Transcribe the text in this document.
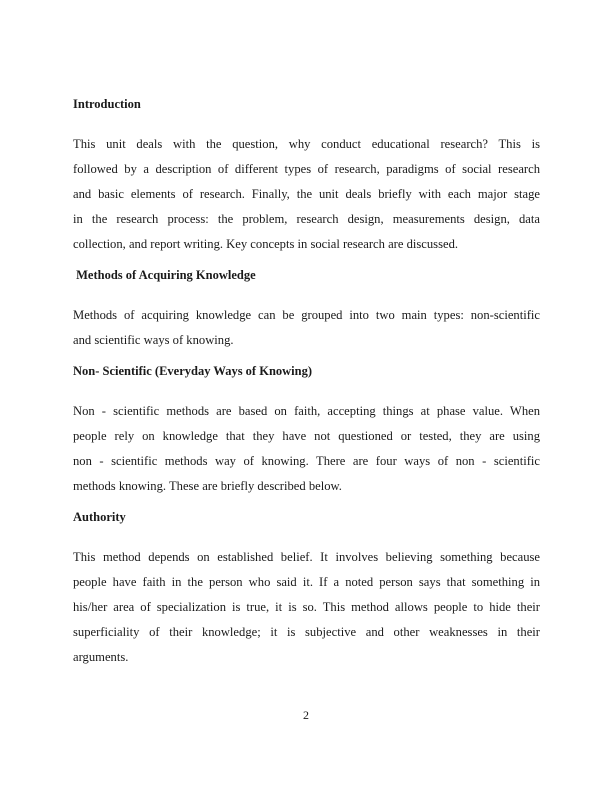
Introduction
This unit deals with the question, why conduct educational research? This is
followed by a description of different types of research, paradigms of social research
and basic elements of research. Finally, the unit deals briefly with each major stage
in the research process: the problem, research design, measurements design, data
collection, and report writing. Key concepts in social research are discussed.
Methods of Acquiring Knowledge
Methods of acquiring knowledge can be grouped into two main types: non-scientific
and scientific ways of knowing.
Non- Scientific (Everyday Ways of Knowing)
Non - scientific methods are based on faith, accepting things at phase value. When
people rely on knowledge that they have not questioned or tested, they are using
non - scientific methods way of knowing. There are four ways of non - scientific
methods knowing. These are briefly described below.
Authority
This method depends on established belief. It involves believing something because
people have faith in the person who said it. If a noted person says that something in
his/her area of specialization is true, it is so. This method allows people to hide their
superficiality of their knowledge; it is subjective and other weaknesses in their
arguments.
2
